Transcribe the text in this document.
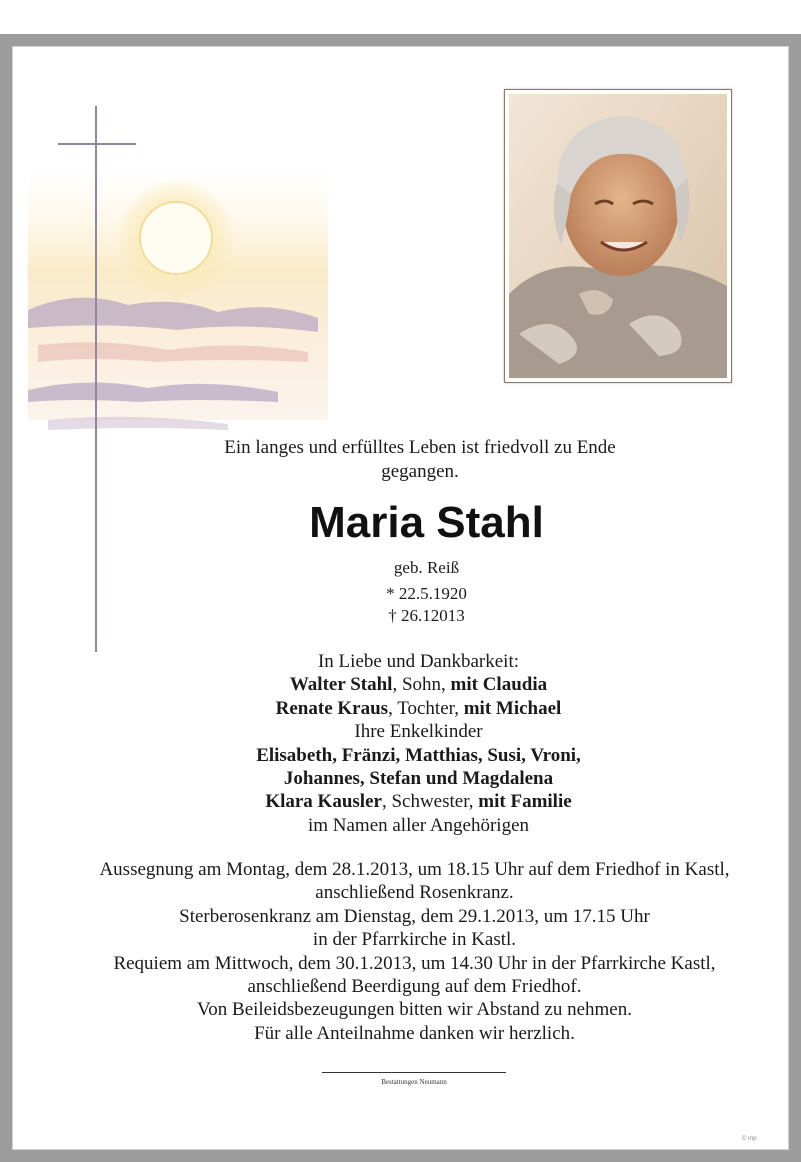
Ein langes und erfülltes Leben ist friedvoll zu Ende
gegangen.
Maria Stahl
geb. Reiß
* 22.5.1920
† 26.12013
In Liebe und Dankbarkeit:
Walter Stahl, Sohn, mit Claudia
Renate Kraus, Tochter, mit Michael
Ihre Enkelkinder
Elisabeth, Fränzi, Matthias, Susi, Vroni,
Johannes, Stefan und Magdalena
Klara Kausler, Schwester, mit Familie
im Namen aller Angehörigen
Aussegnung am Montag, dem 28.1.2013, um 18.15 Uhr auf dem Friedhof in Kastl,
anschließend Rosenkranz.
Sterberosenkranz am Dienstag, dem 29.1.2013, um 17.15 Uhr
in der Pfarrkirche in Kastl.
Requiem am Mittwoch, dem 30.1.2013, um 14.30 Uhr in der Pfarrkirche Kastl,
anschließend Beerdigung auf dem Friedhof.
Von Beileidsbezeugungen bitten wir Abstand zu nehmen.
Für alle Anteilnahme danken wir herzlich.
Bestattungen Neumann
© mp
